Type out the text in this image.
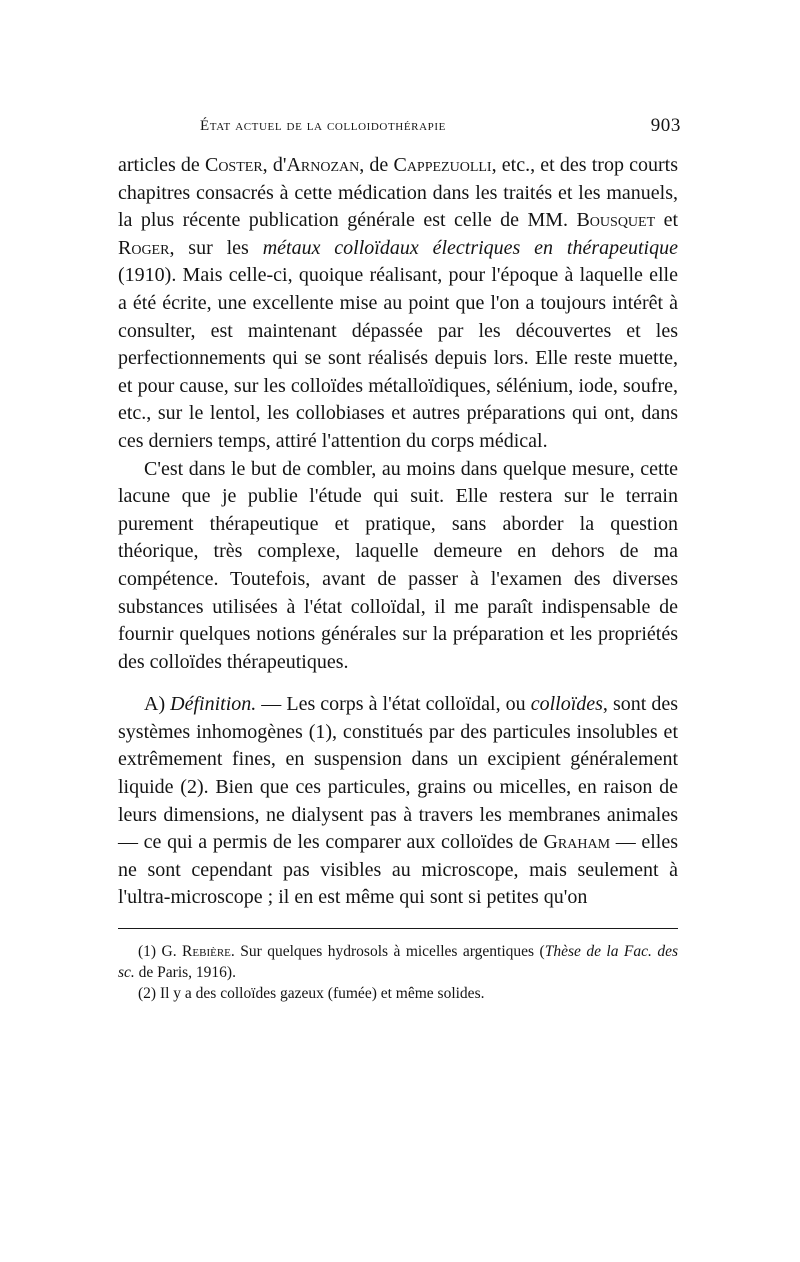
État actuel de la colloidothérapie	903

articles de Coster, d'Arnozan, de Cappezuolli, etc., et des trop courts chapitres consacrés à cette médication dans les traités et les manuels, la plus récente publication générale est celle de MM. Bousquet et Roger, sur les métaux colloïdaux électriques en thérapeutique (1910). Mais celle-ci, quoique réalisant, pour l'époque à laquelle elle a été écrite, une excellente mise au point que l'on a toujours intérêt à consulter, est maintenant dépassée par les découvertes et les perfectionnements qui se sont réalisés depuis lors. Elle reste muette, et pour cause, sur les colloïdes métalloïdiques, sélénium, iode, soufre, etc., sur le lentol, les collobiases et autres préparations qui ont, dans ces derniers temps, attiré l'attention du corps médical.

C'est dans le but de combler, au moins dans quelque mesure, cette lacune que je publie l'étude qui suit. Elle restera sur le terrain purement thérapeutique et pratique, sans aborder la question théorique, très complexe, laquelle demeure en dehors de ma compétence. Toutefois, avant de passer à l'examen des diverses substances utilisées à l'état colloïdal, il me paraît indispensable de fournir quelques notions générales sur la préparation et les propriétés des colloïdes thérapeutiques.

A) Définition. — Les corps à l'état colloïdal, ou colloïdes, sont des systèmes inhomogènes (1), constitués par des particules insolubles et extrêmement fines, en suspension dans un excipient généralement liquide (2). Bien que ces particules, grains ou micelles, en raison de leurs dimensions, ne dialysent pas à travers les membranes animales — ce qui a permis de les comparer aux colloïdes de Graham — elles ne sont cependant pas visibles au microscope, mais seulement à l'ultra-microscope ; il en est même qui sont si petites qu'on

(1) G. Rebière. Sur quelques hydrosols à micelles argentiques (Thèse de la Fac. des sc. de Paris, 1916).

(2) Il y a des colloïdes gazeux (fumée) et même solides.
